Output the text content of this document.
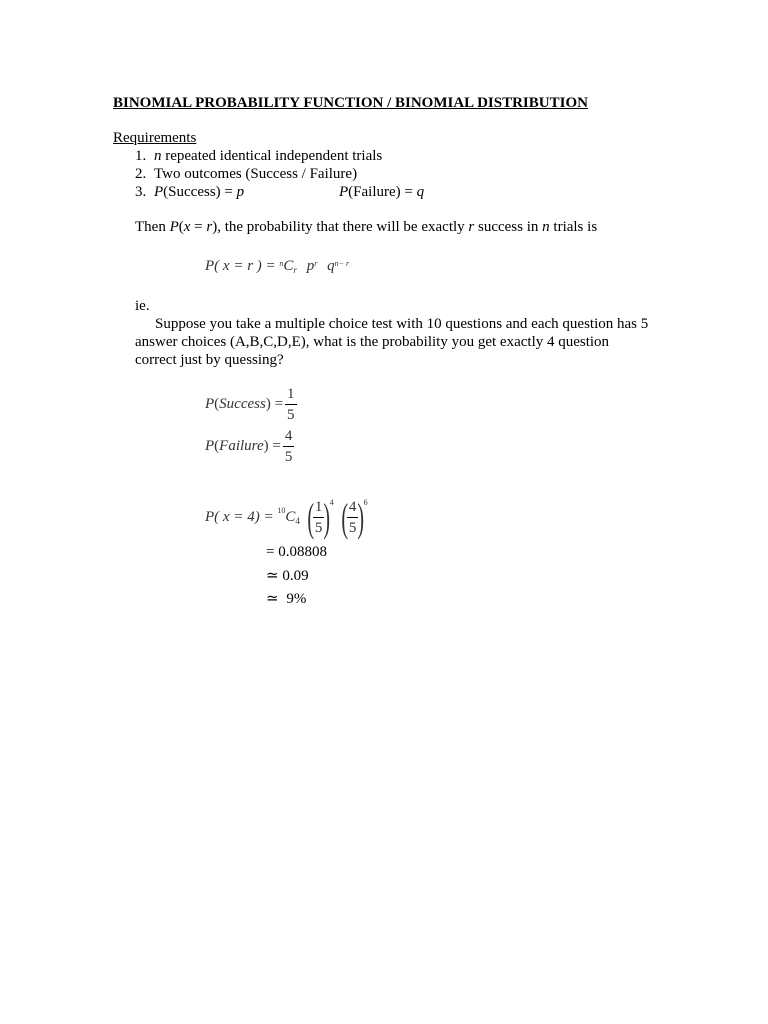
BINOMIAL PROBABILITY FUNCTION / BINOMIAL DISTRIBUTION
Requirements
1. n repeated identical independent trials
2. Two outcomes (Success / Failure)
3. P(Success) = p	P(Failure) = q
Then P(x = r), the probability that there will be exactly r success in n trials is
P( x = r ) = $^nC_r$ $p^r$ $q^{n- r}$
ie.
Suppose you take a multiple choice test with 10 questions and each question has 5
answer choices (A,B,C,D,E), what is the probability you get exactly 4 question
correct just by quessing?
P(Success) = $\frac{1}{5}$
P(Failure) = $\frac{4}{5}$
P( $x = 4) = ^{10}C_4$ ( $\frac{1}{5} )^4$ ( $\frac{4}{5} )^6$
= 0.08808
≃ 0.09
≃ 9%
